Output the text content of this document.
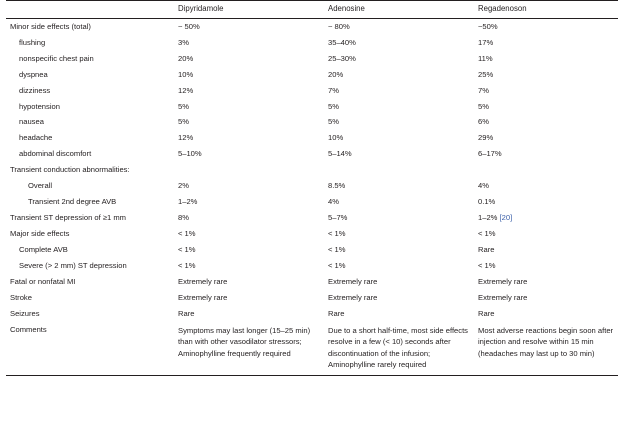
	Dipyridamole	Adenosine	Regadenoson
Minor side effects (total)	~ 50%	~ 80%	~50%
flushing	3%	35–40%	17%
nonspecific chest pain	20%	25–30%	11%
dyspnea	10%	20%	25%
dizziness	12%	7%	7%
hypotension	5%	5%	5%
nausea	5%	5%	6%
headache	12%	10%	29%
abdominal discomfort	5–10%	5–14%	6–17%
Transient conduction abnormalities:			
Overall	2%	8.5%	4%
Transient 2nd degree AVB	1–2%	4%	0.1%
Transient ST depression of ≥1 mm	8%	5–7%	1–2% [20]
Major side effects	< 1%	< 1%	< 1%
Complete AVB	< 1%	< 1%	Rare
Severe (> 2 mm) ST depression	< 1%	< 1%	< 1%
Fatal or nonfatal MI	Extremely rare	Extremely rare	Extremely rare
Stroke	Extremely rare	Extremely rare	Extremely rare
Seizures	Rare	Rare	Rare
Comments	Symptoms may last longer (15–25 min) than with other vasodilator stressors; Aminophylline frequently required	Due to a short half-time, most side effects resolve in a few (< 10) seconds after discontinuation of the infusion; Aminophylline rarely required	Most adverse reactions begin soon after injection and resolve within 15 min (headaches may last up to 30 min)
